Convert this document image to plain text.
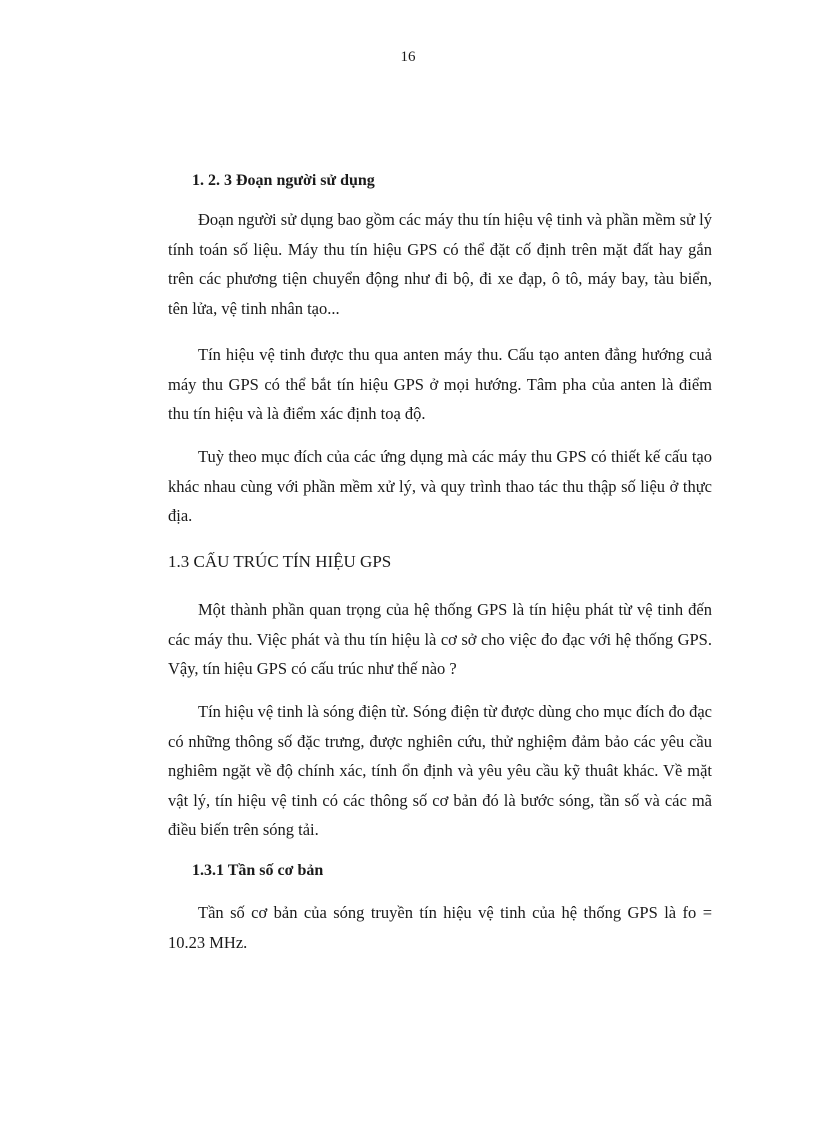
16
1. 2. 3 Đoạn người sử dụng

Đoạn người sử dụng bao gồm các máy thu tín hiệu vệ tinh và phần mềm sử lý tính toán số liệu. Máy thu tín hiệu GPS có thể đặt cố định trên mặt đất hay gắn trên các phương tiện chuyển động như đi bộ, đi xe đạp, ô tô, máy bay, tàu biển, tên lửa, vệ tinh nhân tạo...

Tín hiệu vệ tinh được thu qua anten máy thu. Cấu tạo anten đẳng hướng cuả máy thu GPS có thể bắt tín hiệu GPS ở mọi hướng. Tâm pha của anten là điểm thu tín hiệu và là điểm xác định toạ độ.

Tuỳ theo mục đích của các ứng dụng mà các máy thu GPS có thiết kế cấu tạo khác nhau cùng với phần mềm xử lý, và quy trình thao tác thu thập số liệu ở thực địa.

1.3 CẤU TRÚC TÍN HIỆU GPS

Một thành phần quan trọng của hệ thống GPS là tín hiệu phát từ vệ tinh đến các máy thu. Việc phát và thu tín hiệu là cơ sở cho việc đo đạc với hệ thống GPS. Vậy, tín hiệu GPS có cấu trúc như thế nào ?

Tín hiệu vệ tinh là sóng điện từ. Sóng điện từ được dùng cho mục đích đo đạc có những thông số đặc trưng, được nghiên cứu, thử nghiệm đảm bảo các yêu cầu nghiêm ngặt về độ chính xác, tính ổn định và yêu yêu cầu kỹ thuât khác. Về mặt vật lý, tín hiệu vệ tinh có các thông số cơ bản đó là bước sóng, tần số và các mã điều biến trên sóng tải.

1.3.1 Tần số cơ bản

Tần số cơ bản của sóng truyền tín hiệu vệ tinh của hệ thống GPS là fo = 10.23 MHz.
